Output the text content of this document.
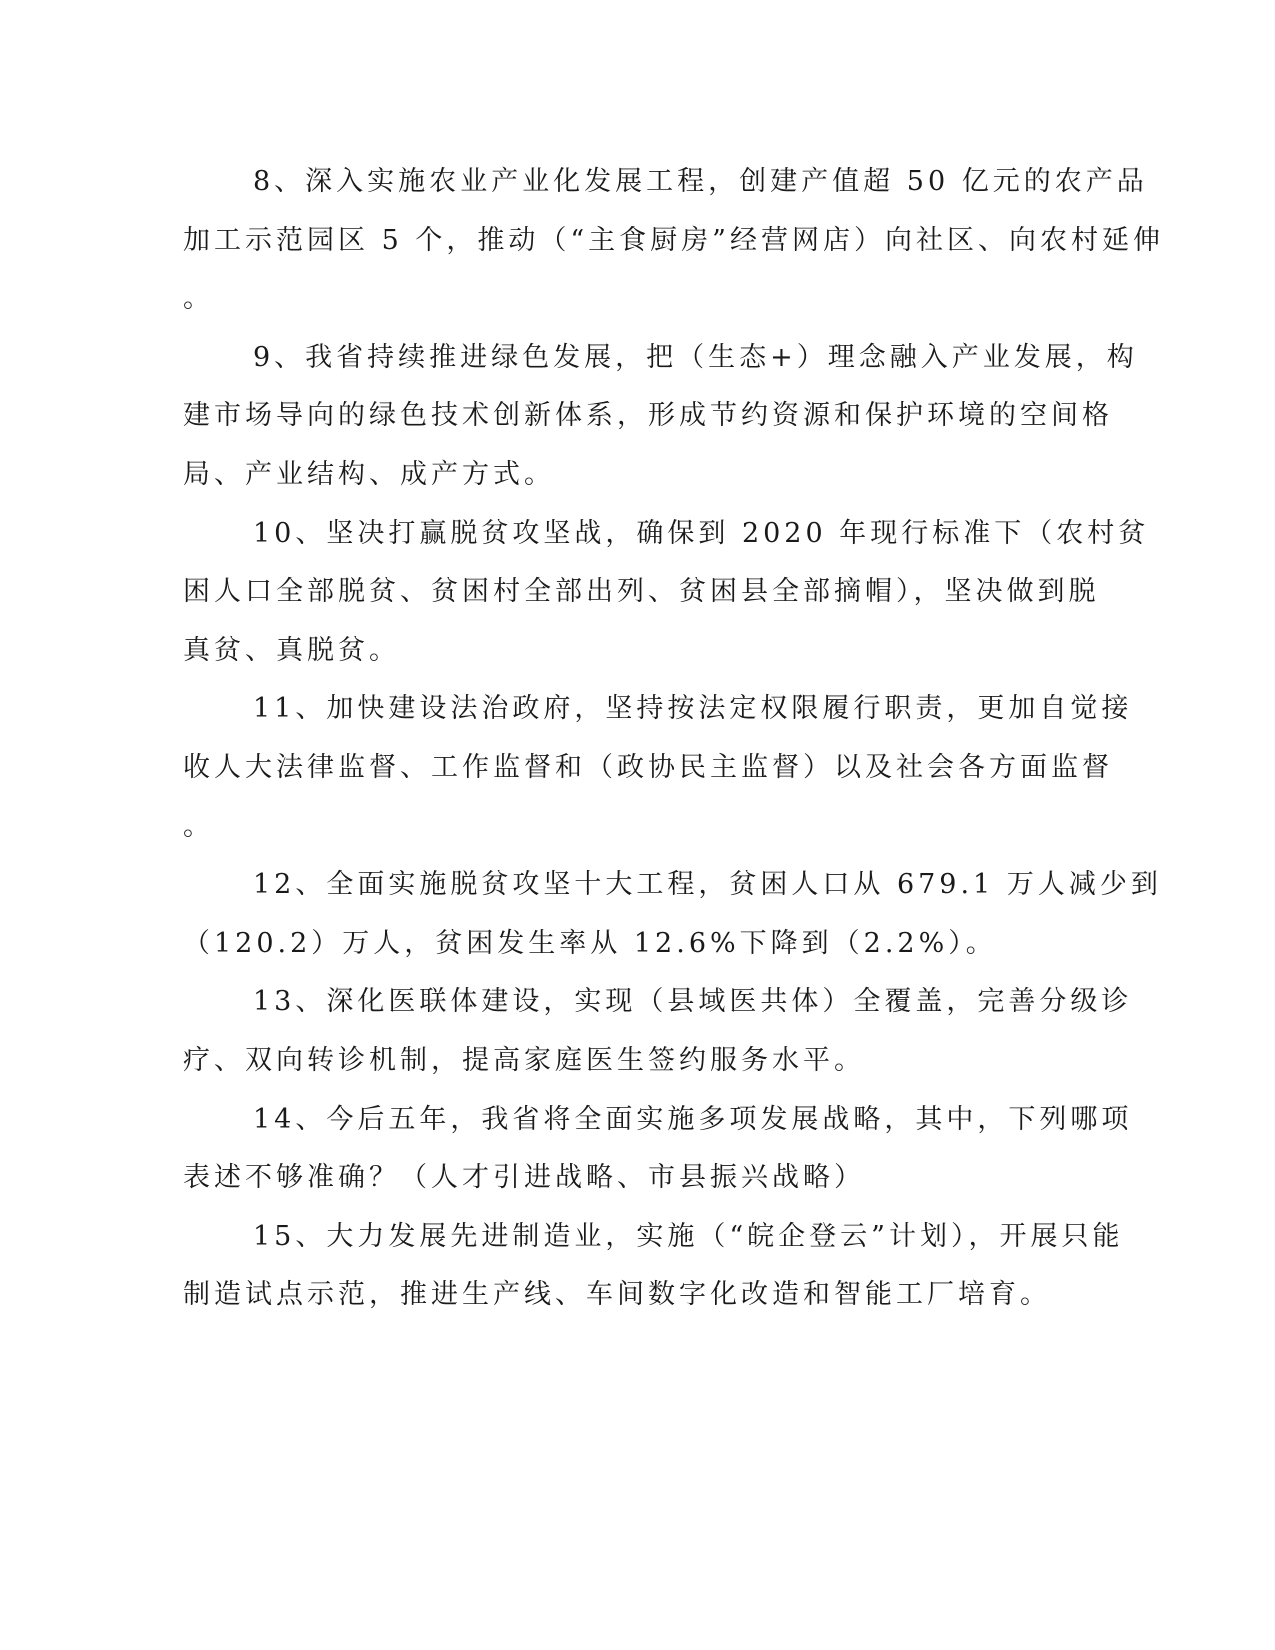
8、深入实施农业产业化发展工程，创建产值超 50 亿元的农产品
加工示范园区 5 个，推动（“主食厨房”经营网店）向社区、向农村延伸
。
9、我省持续推进绿色发展，把（生态+）理念融入产业发展，构
建市场导向的绿色技术创新体系，形成节约资源和保护环境的空间格
局、产业结构、成产方式。
10、坚决打赢脱贫攻坚战，确保到 2020 年现行标准下（农村贫
困人口全部脱贫、贫困村全部出列、贫困县全部摘帽），坚决做到脱
真贫、真脱贫。
11、加快建设法治政府，坚持按法定权限履行职责，更加自觉接
收人大法律监督、工作监督和（政协民主监督）以及社会各方面监督
。
12、全面实施脱贫攻坚十大工程，贫困人口从 679.1 万人减少到
（120.2）万人，贫困发生率从 12.6%下降到（2.2%）。
13、深化医联体建设，实现（县域医共体）全覆盖，完善分级诊
疗、双向转诊机制，提高家庭医生签约服务水平。
14、今后五年，我省将全面实施多项发展战略，其中，下列哪项
表述不够准确？（人才引进战略、市县振兴战略）
15、大力发展先进制造业，实施（“皖企登云”计划），开展只能
制造试点示范，推进生产线、车间数字化改造和智能工厂培育。
